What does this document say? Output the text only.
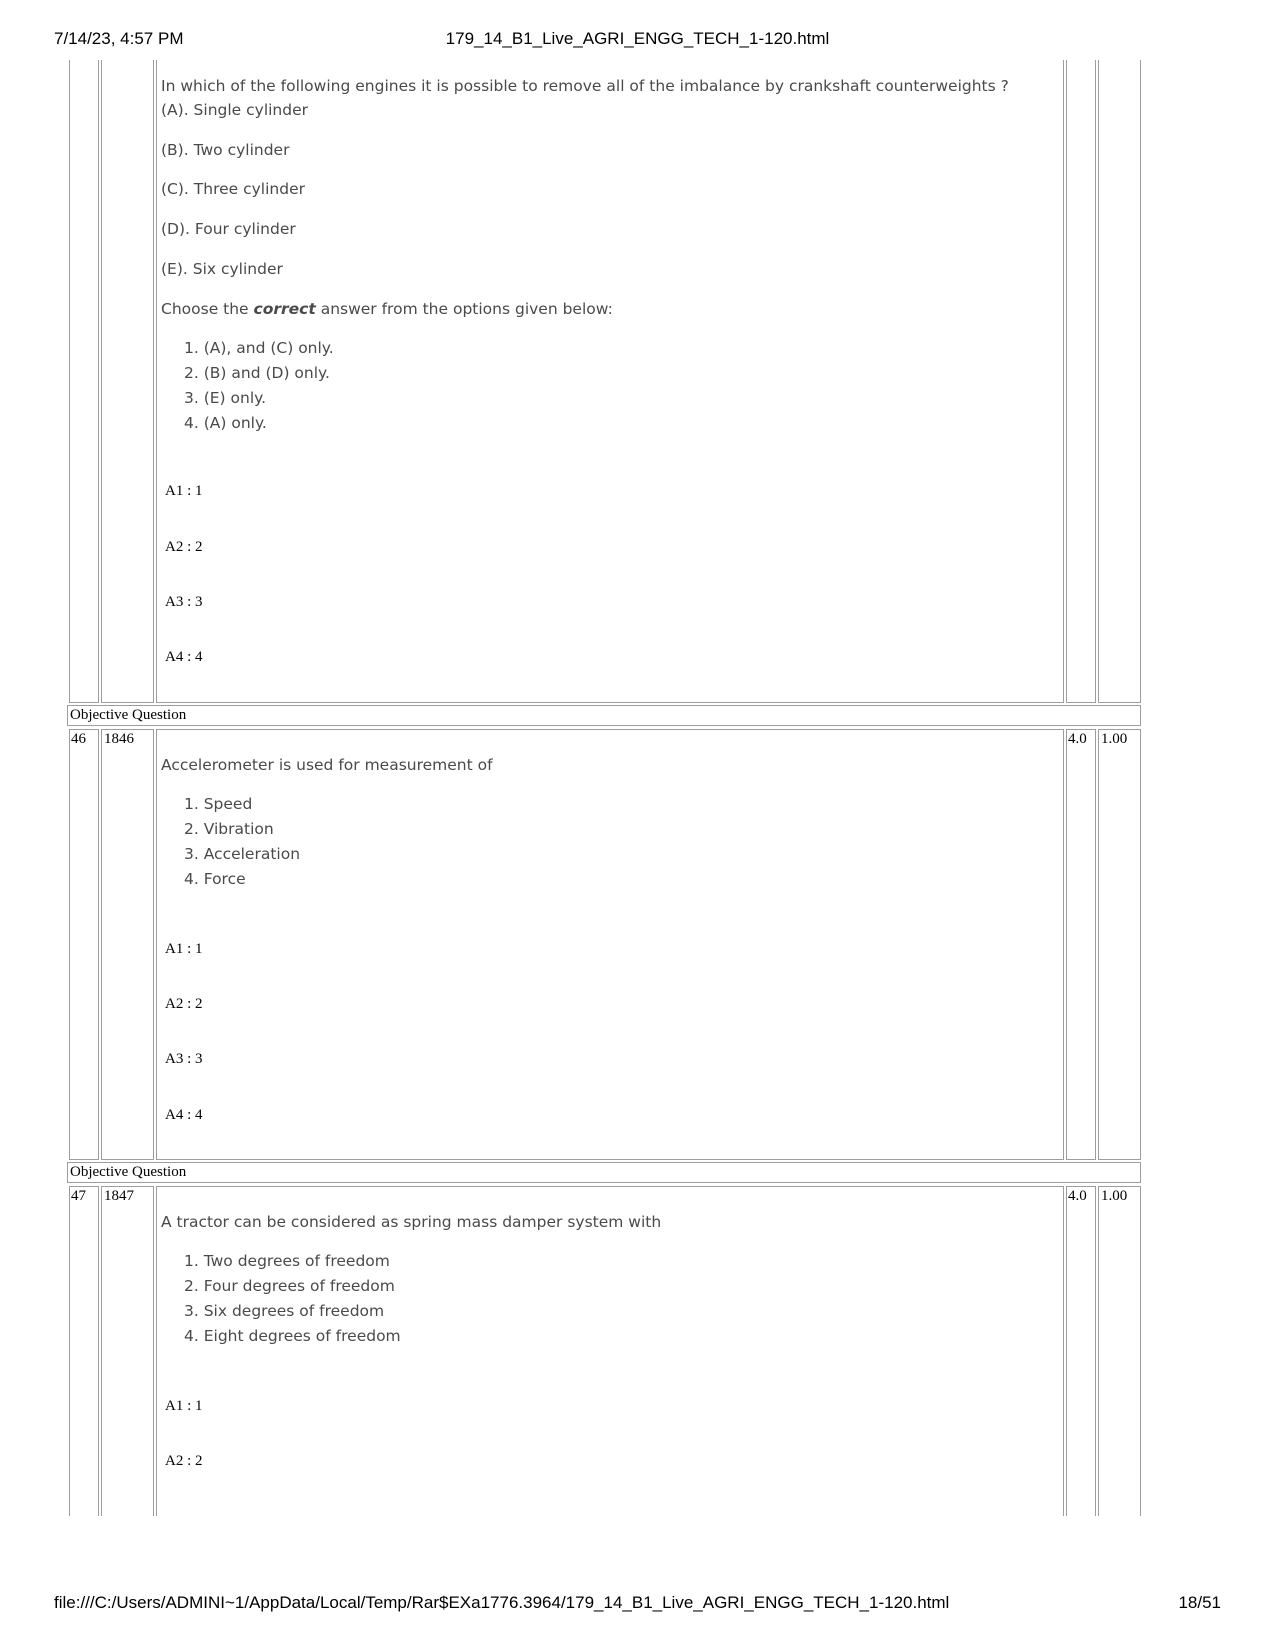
7/14/23, 4:57 PM	179_14_B1_Live_AGRI_ENGG_TECH_1-120.html
In which of the following engines it is possible to remove all of the imbalance by crankshaft counterweights ?
(A). Single cylinder
(B). Two cylinder
(C). Three cylinder
(D). Four cylinder
(E). Six cylinder
Choose the correct answer from the options given below:
1. (A), and (C) only.
2. (B) and (D) only.
3. (E) only.
4. (A) only.
A1 : 1
A2 : 2
A3 : 3
A4 : 4
Objective Question
46 1846	4.0 1.00
Accelerometer is used for measurement of
1. Speed
2. Vibration
3. Acceleration
4. Force
A1 : 1
A2 : 2
A3 : 3
A4 : 4
Objective Question
47 1847	4.0 1.00
A tractor can be considered as spring mass damper system with
1. Two degrees of freedom
2. Four degrees of freedom
3. Six degrees of freedom
4. Eight degrees of freedom
A1 : 1
A2 : 2
file:///C:/Users/ADMINI~1/AppData/Local/Temp/Rar$EXa1776.3964/179_14_B1_Live_AGRI_ENGG_TECH_1-120.html	18/51
